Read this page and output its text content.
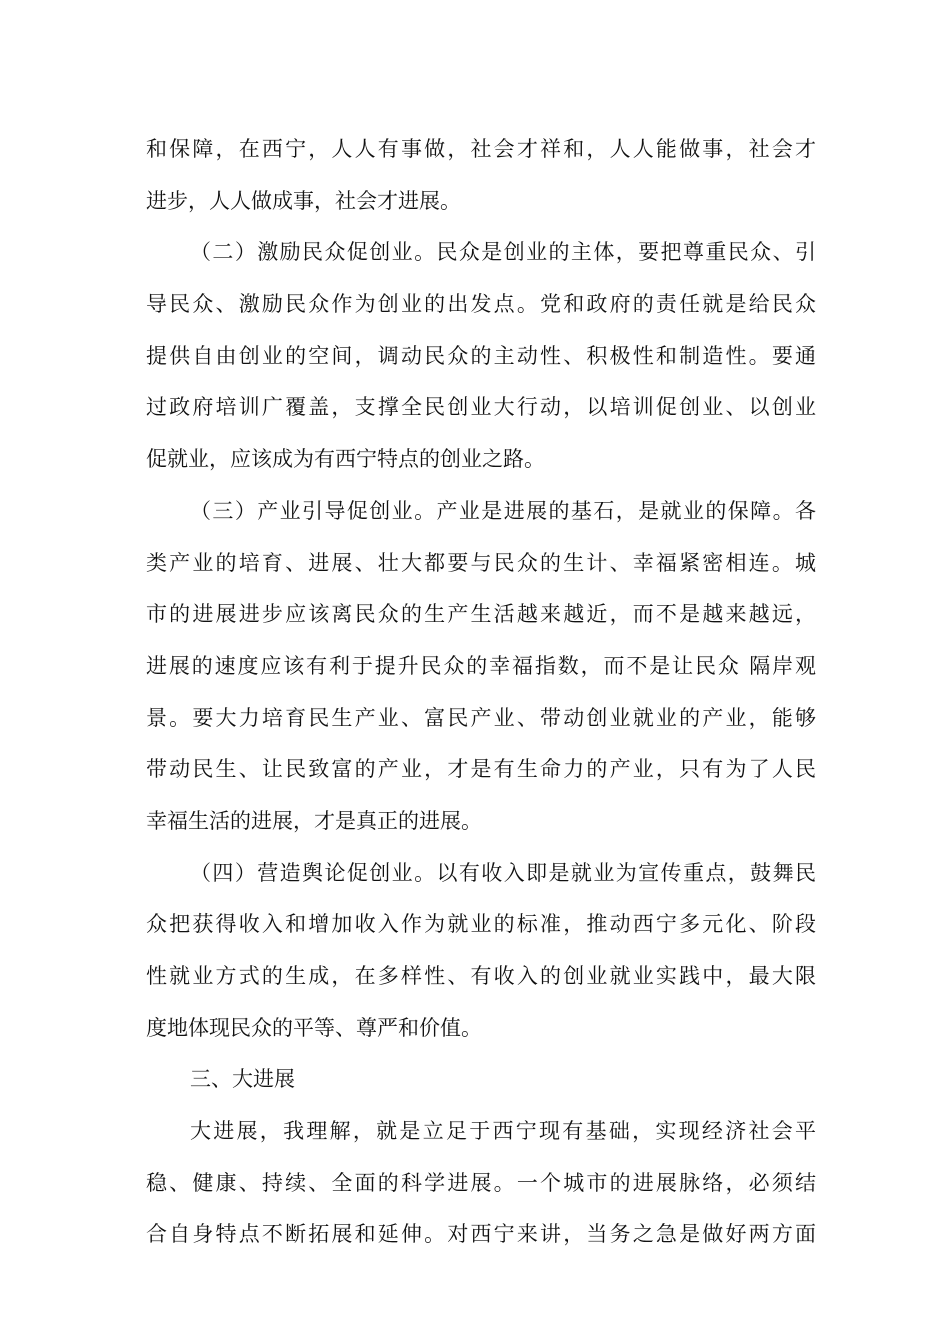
和保障，在西宁，人人有事做，社会才祥和，人人能做事，社会才
进步，人人做成事，社会才进展。
（二）激励民众促创业。民众是创业的主体，要把尊重民众、引
导民众、激励民众作为创业的出发点。党和政府的责任就是给民众
提供自由创业的空间，调动民众的主动性、积极性和制造性。要通
过政府培训广覆盖，支撑全民创业大行动，以培训促创业、以创业
促就业，应该成为有西宁特点的创业之路。
（三）产业引导促创业。产业是进展的基石，是就业的保障。各
类产业的培育、进展、壮大都要与民众的生计、幸福紧密相连。城
市的进展进步应该离民众的生产生活越来越近，而不是越来越远，
进展的速度应该有利于提升民众的幸福指数，而不是让民众 隔岸观
景。要大力培育民生产业、富民产业、带动创业就业的产业，能够
带动民生、让民致富的产业，才是有生命力的产业，只有为了人民
幸福生活的进展，才是真正的进展。
（四）营造舆论促创业。以有收入即是就业为宣传重点，鼓舞民
众把获得收入和增加收入作为就业的标准，推动西宁多元化、阶段
性就业方式的生成，在多样性、有收入的创业就业实践中，最大限
度地体现民众的平等、尊严和价值。
三、大进展
大进展，我理解，就是立足于西宁现有基础，实现经济社会平
稳、健康、持续、全面的科学进展。一个城市的进展脉络，必须结
合自身特点不断拓展和延伸。对西宁来讲，当务之急是做好两方面
